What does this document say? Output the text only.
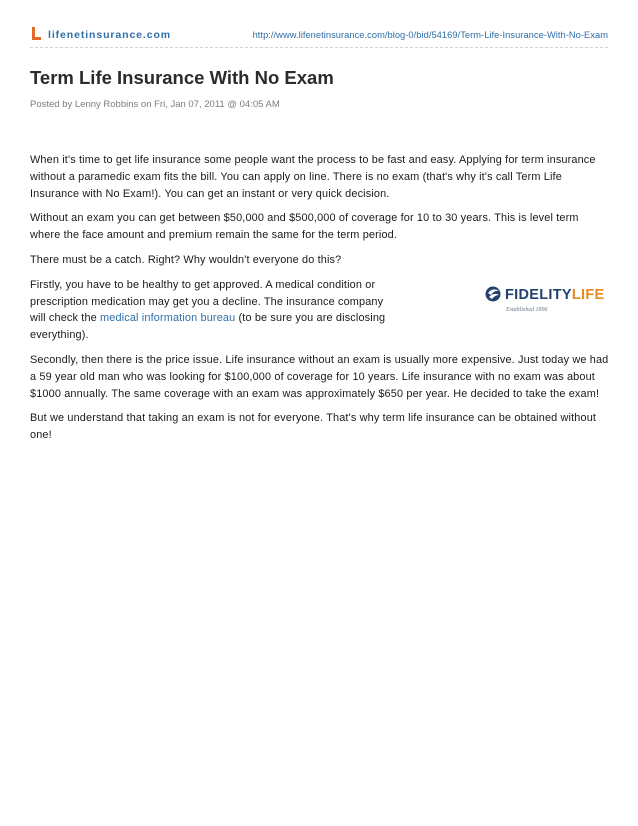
lifenetinsurance.com	http://www.lifenetinsurance.com/blog-0/bid/54169/Term-Life-Insurance-With-No-Exam
Term Life Insurance With No Exam
Posted by Lenny Robbins on Fri, Jan 07, 2011 @ 04:05 AM
FIDELITYLIFE
Established 1896

When it's time to get life insurance some people want the process to be fast and easy. Applying for term insurance without a paramedic exam fits the bill. You can apply on line. There is no exam (that's why it's call Term Life Insurance with No Exam!). You can get an instant or very quick decision.

Without an exam you can get between $50,000 and $500,000 of coverage for 10 to 30 years. This is level term where the face amount and premium remain the same for the term period.

There must be a catch. Right? Why wouldn't everyone do this?

Firstly, you have to be healthy to get approved. A medical condition or prescription medication may get you a decline. The insurance company will check the medical information bureau (to be sure you are disclosing everything).

Secondly, then there is the price issue. Life insurance without an exam is usually more expensive. Just today we had a 59 year old man who was looking for $100,000 of coverage for 10 years. Life insurance with no exam was about $1000 annually. The same coverage with an exam was approximately $650 per year. He decided to take the exam!

But we understand that taking an exam is not for everyone. That's why term life insurance can be obtained without one!
